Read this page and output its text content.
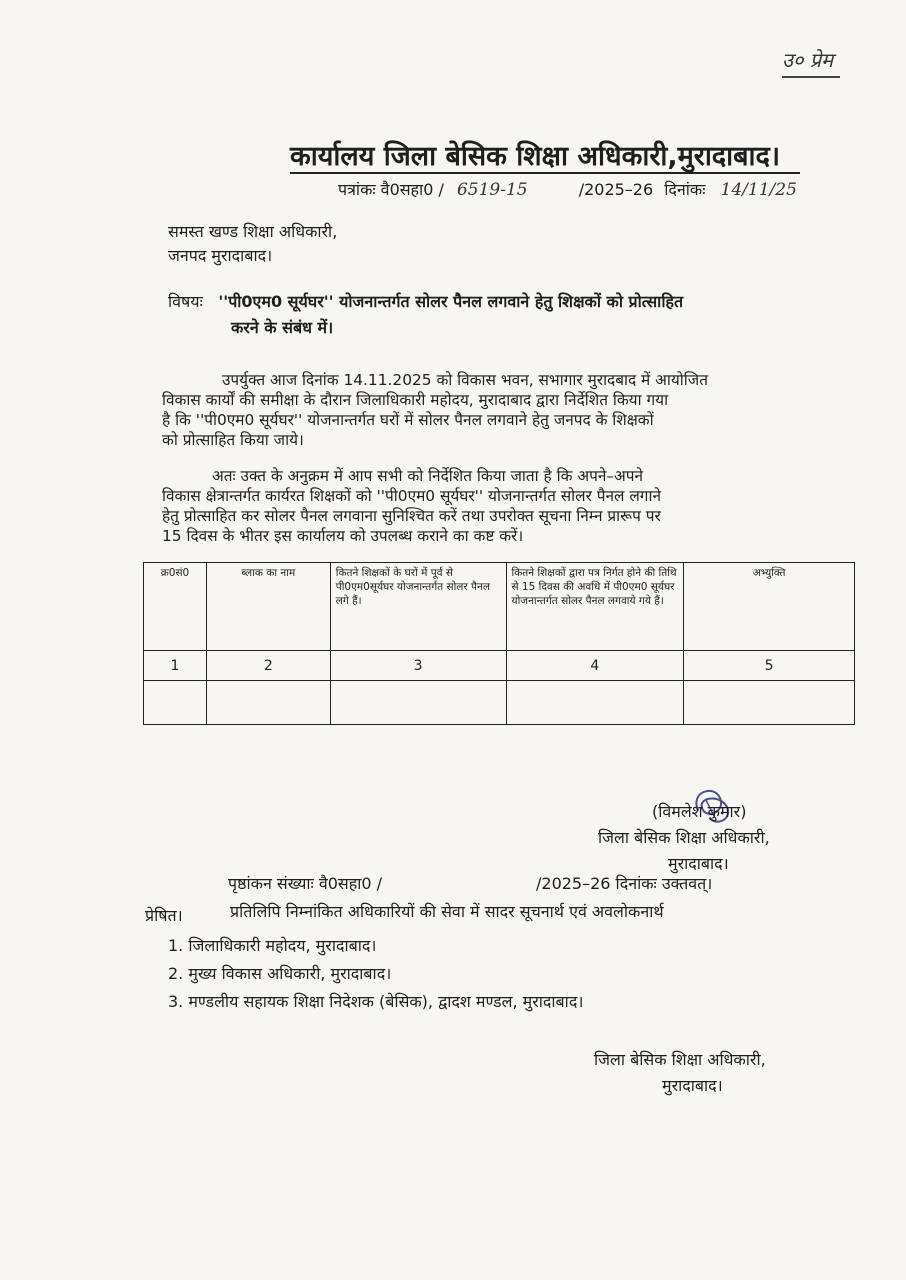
उ० प्रेम
कार्यालय जिला बेसिक शिक्षा अधिकारी,मुरादाबाद।
पत्रांकः वै0सहा0 / 6519-15	/2025–26 दिनांकः 14/11/25
समस्त खण्ड शिक्षा अधिकारी,
जनपद मुरादाबाद।
विषयः ''पी0एम0 सूर्यघर'' योजनान्तर्गत सोलर पैनल लगवाने हेतु शिक्षकों को प्रोत्साहित
करने के संबंध में।
उपर्युक्त आज दिनांक 14.11.2025 को विकास भवन, सभागार मुरादबाद में आयोजित
विकास कार्यों की समीक्षा के दौरान जिलाधिकारी महोदय, मुरादाबाद द्वारा निर्देशित किया गया
है कि ''पी0एम0 सूर्यघर'' योजनान्तर्गत घरों में सोलर पैनल लगवाने हेतु जनपद के शिक्षकों
को प्रोत्साहित किया जाये।
अतः उक्त के अनुक्रम में आप सभी को निर्देशित किया जाता है कि अपने–अपने
विकास क्षेत्रान्तर्गत कार्यरत शिक्षकों को ''पी0एम0 सूर्यघर'' योजनान्तर्गत सोलर पैनल लगाने
हेतु प्रोत्साहित कर सोलर पैनल लगवाना सुनिश्चित करें तथा उपरोक्त सूचना निम्न प्रारूप पर
15 दिवस के भीतर इस कार्यालय को उपलब्ध कराने का कष्ट करें।
क्र0सं0	ब्लाक का नाम	कितने शिक्षकों के घरों में पूर्व से पी0एम0सूर्यघर योजनान्तर्गत सोलर पैनल लगे हैं।	कितने शिक्षकों द्वारा पत्र निर्गत होने की तिथि से 15 दिवस की अवधि में पी0एम0 सूर्यघर योजनान्तर्गत सोलर पैनल लगवाये गये हैं।	अभ्युक्ति
1	2	3	4	5

(विमलेश कुमार)
जिला बेसिक शिक्षा अधिकारी,
मुरादाबाद।
पृष्ठांकन संख्याः वै0सहा0 /	/2025–26 दिनांकः उक्तवत्।
प्रतिलिपि निम्नांकित अधिकारियों की सेवा में सादर सूचनार्थ एवं अवलोकनार्थ
प्रेषित।
1. जिलाधिकारी महोदय, मुरादाबाद।
2. मुख्य विकास अधिकारी, मुरादाबाद।
3. मण्डलीय सहायक शिक्षा निदेशक (बेसिक), द्वादश मण्डल, मुरादाबाद।
जिला बेसिक शिक्षा अधिकारी,
मुरादाबाद।
